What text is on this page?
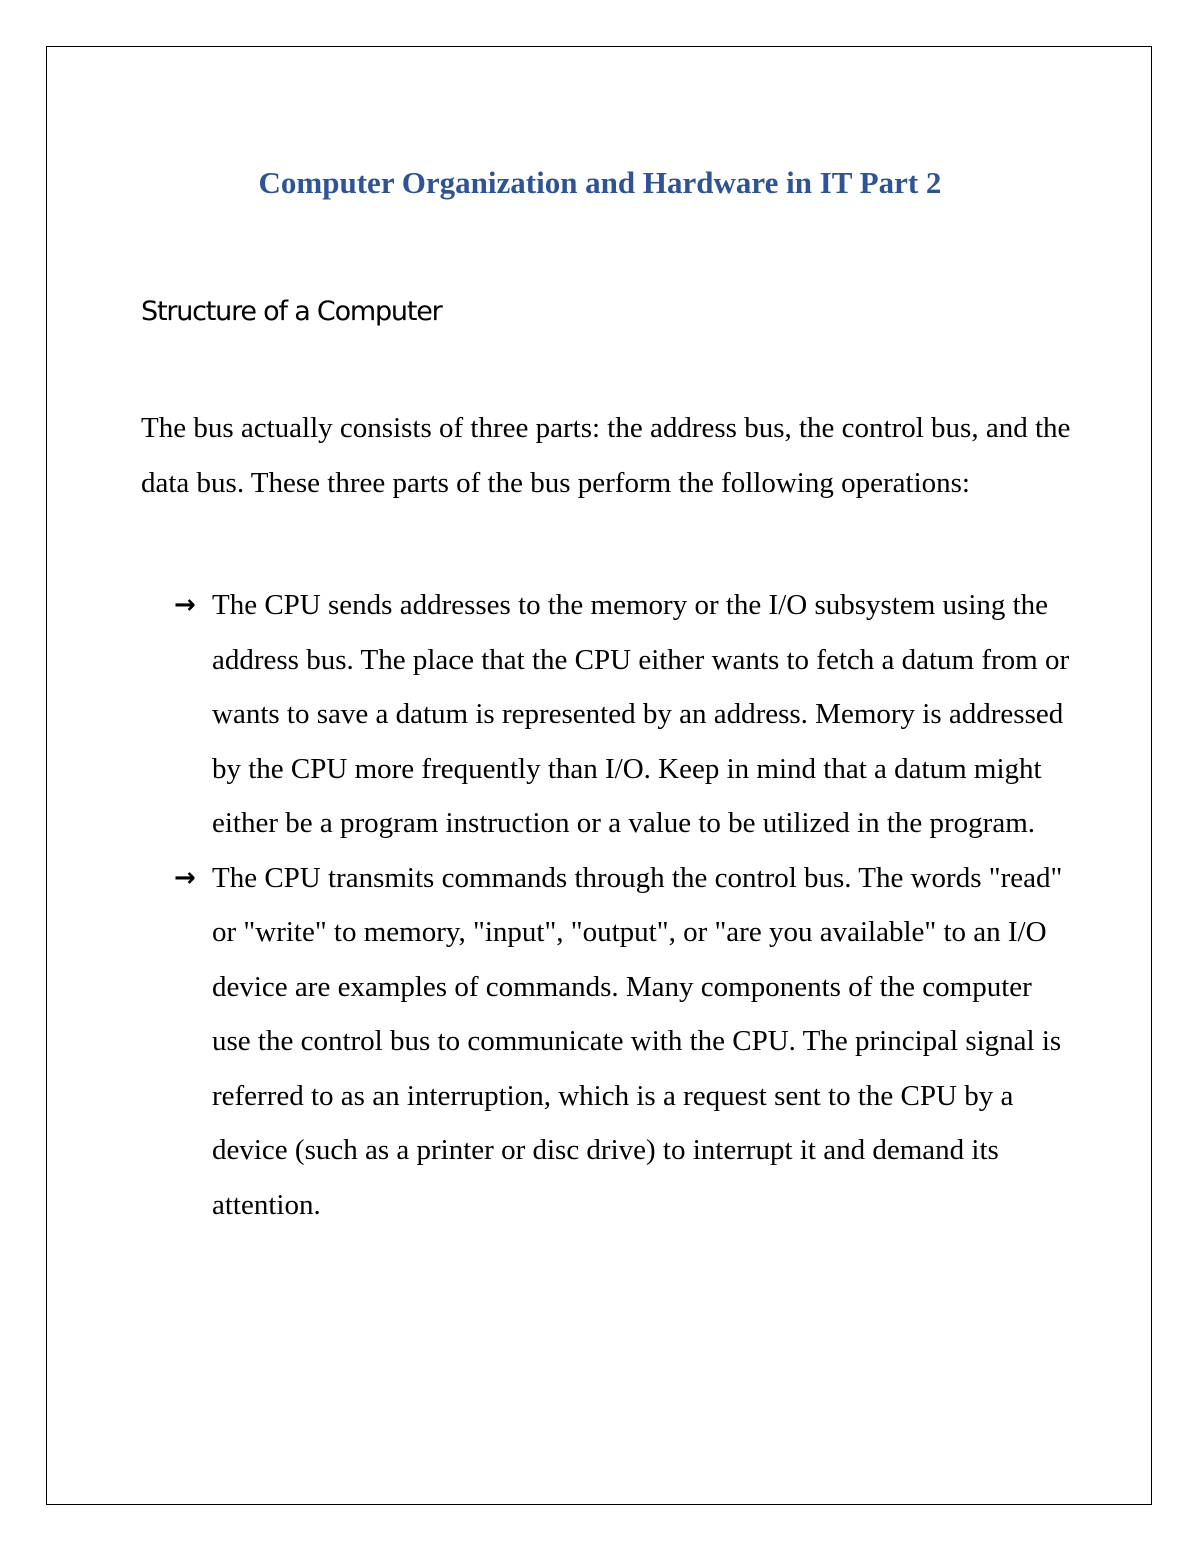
Computer Organization and Hardware in IT Part 2
Structure of a Computer

The bus actually consists of three parts: the address bus, the control bus, and the data bus. These three parts of the bus perform the following operations:

→ The CPU sends addresses to the memory or the I/O subsystem using the address bus. The place that the CPU either wants to fetch a datum from or wants to save a datum is represented by an address. Memory is addressed by the CPU more frequently than I/O. Keep in mind that a datum might either be a program instruction or a value to be utilized in the program.
→ The CPU transmits commands through the control bus. The words "read" or "write" to memory, "input", "output", or "are you available" to an I/O device are examples of commands. Many components of the computer use the control bus to communicate with the CPU. The principal signal is referred to as an interruption, which is a request sent to the CPU by a device (such as a printer or disc drive) to interrupt it and demand its attention.
